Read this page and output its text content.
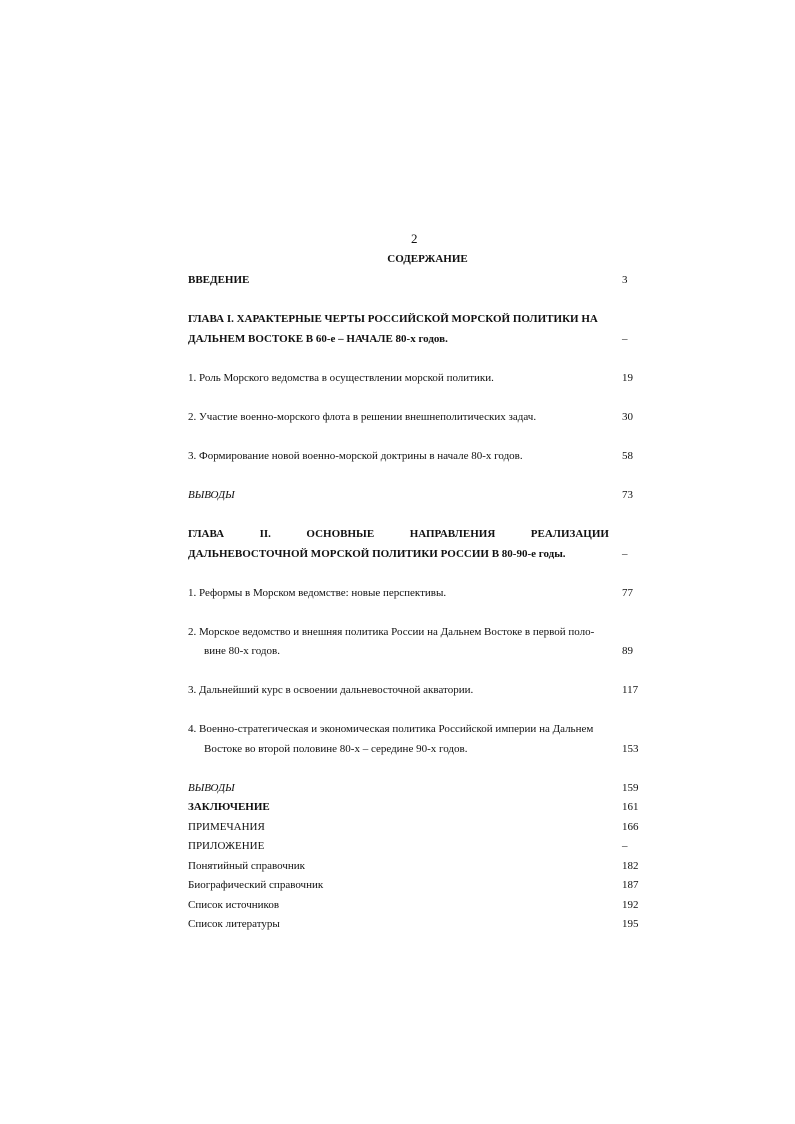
2
СОДЕРЖАНИЕ
ВВЕДЕНИЕ	3
ГЛАВА I. ХАРАКТЕРНЫЕ ЧЕРТЫ РОССИЙСКОЙ МОРСКОЙ ПОЛИТИКИ НА
ДАЛЬНЕМ ВОСТОКЕ В 60-е – НАЧАЛЕ 80-х годов.	–
1. Роль Морского ведомства в осуществлении морской политики.	19
2. Участие военно-морского флота в решении внешнеполитических задач.	30
3. Формирование новой военно-морской доктрины в начале 80-х годов.	58
ВЫВОДЫ	73
ГЛАВА	II.	ОСНОВНЫЕ	НАПРАВЛЕНИЯ	РЕАЛИЗАЦИИ
ДАЛЬНЕВОСТОЧНОЙ МОРСКОЙ ПОЛИТИКИ РОССИИ В 80-90-е годы.	–
1. Реформы в Морском ведомстве: новые перспективы.	77
2. Морское ведомство и внешняя политика России на Дальнем Востоке в первой поло-
вине 80-х годов.	89
3. Дальнейший курс в освоении дальневосточной акватории.	117
4. Военно-стратегическая и экономическая политика Российской империи на Дальнем
Востоке во второй половине 80-х – середине 90-х годов.	153
ВЫВОДЫ	159
ЗАКЛЮЧЕНИЕ	161
ПРИМЕЧАНИЯ	166
ПРИЛОЖЕНИЕ	–
Понятийный справочник	182
Биографический справочник	187
Список источников	192
Список литературы	195
